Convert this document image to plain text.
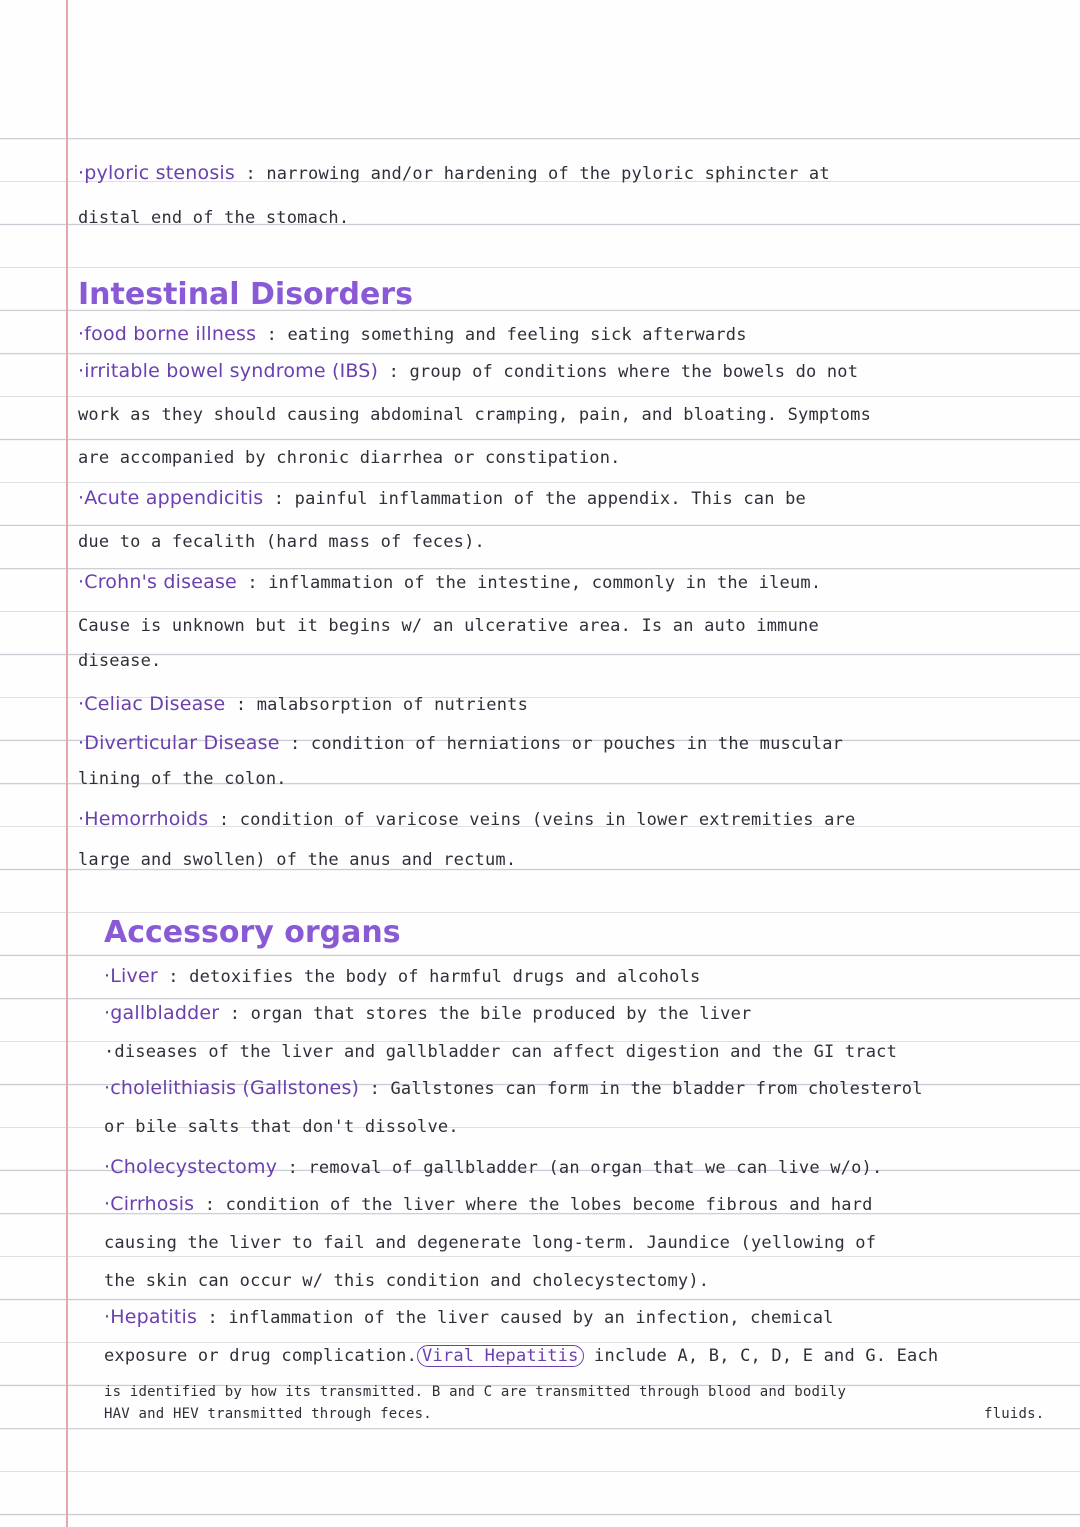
·pyloric stenosis : narrowing and/or hardening of the pyloric sphincter at
distal end of the stomach.
Intestinal Disorders
·food borne illness : eating something and feeling sick afterwards
·irritable bowel syndrome (IBS) : group of conditions where the bowels do not
work as they should causing abdominal cramping, pain, and bloating. Symptoms
are accompanied by chronic diarrhea or constipation.
·Acute appendicitis : painful inflammation of the appendix. This can be
due to a fecalith (hard mass of feces).
·Crohn's disease : inflammation of the intestine, commonly in the ileum.
Cause is unknown but it begins w/ an ulcerative area. Is an auto immune
disease.
·Celiac Disease : malabsorption of nutrients
·Diverticular Disease : condition of herniations or pouches in the muscular
lining of the colon.
·Hemorrhoids : condition of varicose veins (veins in lower extremities are
large and swollen) of the anus and rectum.
Accessory organs
·Liver : detoxifies the body of harmful drugs and alcohols
·gallbladder : organ that stores the bile produced by the liver
·diseases of the liver and gallbladder can affect digestion and the GI tract
·cholelithiasis (Gallstones) : Gallstones can form in the bladder from cholesterol
or bile salts that don't dissolve.
·Cholecystectomy : removal of gallbladder (an organ that we can live w/o).
·Cirrhosis : condition of the liver where the lobes become fibrous and hard
causing the liver to fail and degenerate long-term. Jaundice (yellowing of
the skin can occur w/ this condition and cholecystectomy).
·Hepatitis : inflammation of the liver caused by an infection, chemical
exposure or drug complication. Viral Hepatitis include A, B, C, D, E and G. Each
is identified by how its transmitted. B and C are transmitted through blood and bodily
HAV and HEV transmitted through feces.	fluids.
